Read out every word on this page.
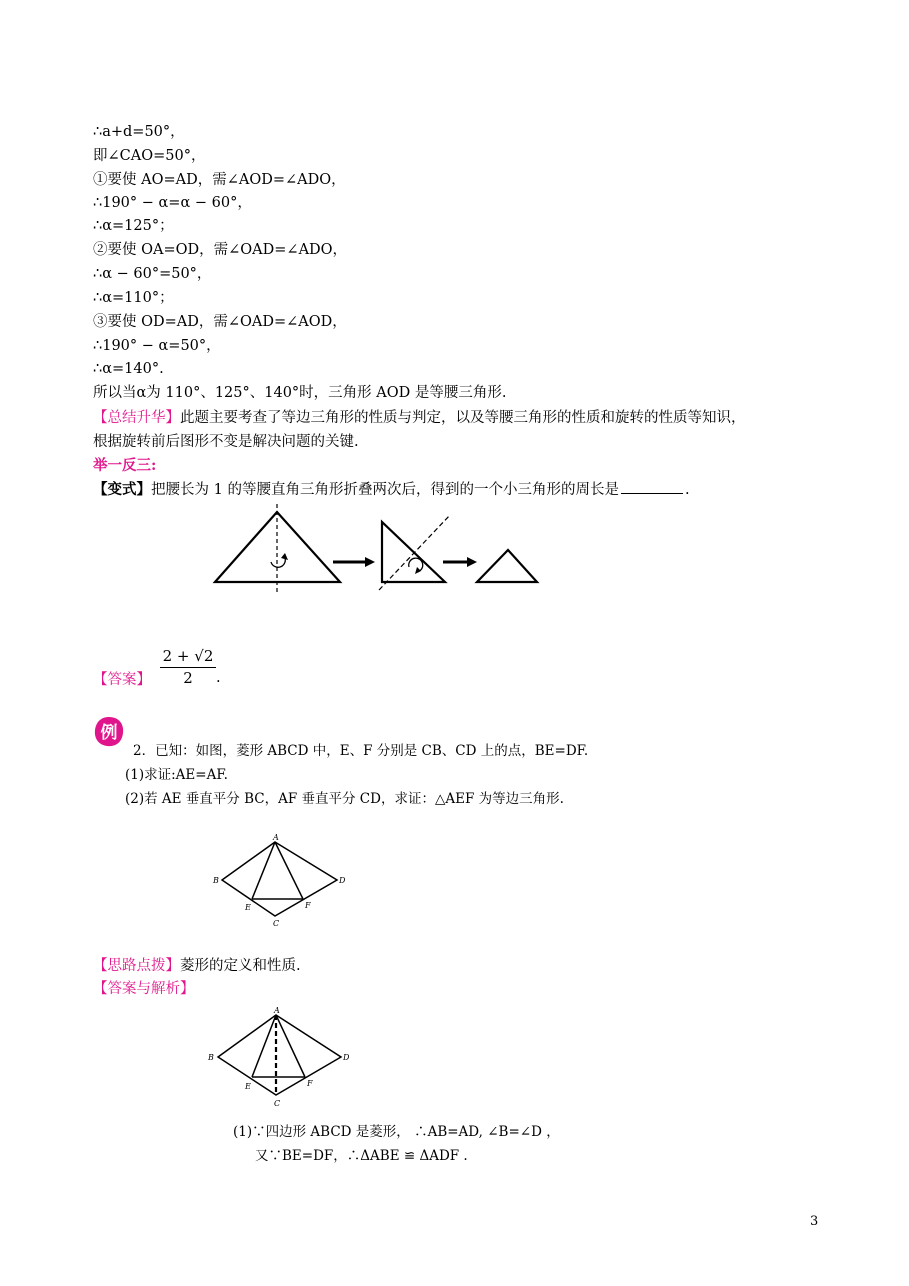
∴a+d=50°，
即∠CAO=50°，
①要使 AO=AD，需∠AOD=∠ADO，
∴190° − α=α − 60°，
∴α=125°；
②要使 OA=OD，需∠OAD=∠ADO，
∴α − 60°=50°，
∴α=110°；
③要使 OD=AD，需∠OAD=∠AOD，
∴190° − α=50°，
∴α=140°.
所以当α为 110°、125°、140°时，三角形 AOD 是等腰三角形.
【总结升华】此题主要考查了等边三角形的性质与判定，以及等腰三角形的性质和旋转的性质等知识，
根据旋转前后图形不变是解决问题的关键.
举一反三:
【变式】把腰长为 1 的等腰直角三角形折叠两次后，得到的一个小三角形的周长是	.
【答案】
2 + √2
2	.
例
2．已知：如图，菱形 ABCD 中，E、F 分别是 CB、CD 上的点，BE=DF.
(1)求证:AE=AF.
(2)若 AE 垂直平分 BC，AF 垂直平分 CD，求证：△AEF 为等边三角形.
A
B	D
E	F
C
【思路点拨】菱形的定义和性质.
【答案与解析】
A
B	D
E	F
C
(1)∵四边形 ABCD 是菱形， ∴AB=AD, ∠B=∠D ，
又∵BE=DF，∴ΔABE ≌ ΔADF .
3
